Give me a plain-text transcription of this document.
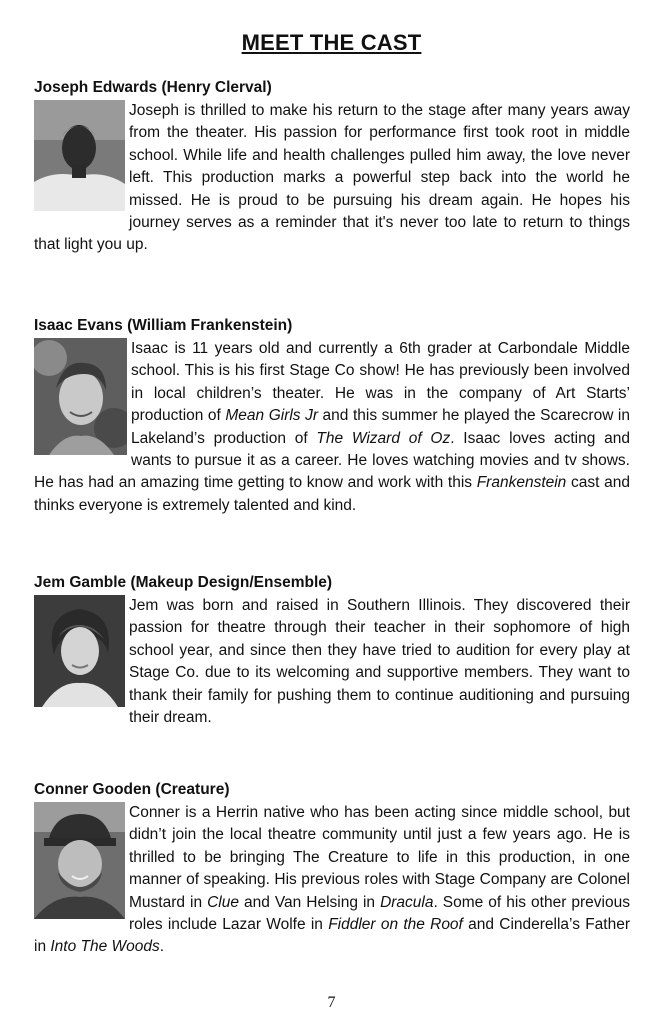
MEET THE CAST
Joseph Edwards (Henry Clerval)

Joseph is thrilled to make his return to the stage after many years away from the theater. His passion for performance first took root in middle school. While life and health challenges pulled him away, the love never left. This production marks a powerful step back into the world he missed. He is proud to be pursuing his dream again. He hopes his journey serves as a reminder that it's never too late to return to things that light you up.

Isaac Evans (William Frankenstein)

Isaac is 11 years old and currently a 6th grader at Carbondale Middle school. This is his first Stage Co show! He has previously been involved in local children’s theater. He was in the company of Art Starts’ production of Mean Girls Jr and this summer he played the Scarecrow in Lakeland’s production of The Wizard of Oz. Isaac loves acting and wants to pursue it as a career. He loves watching movies and tv shows. He has had an amazing time getting to know and work with this Frankenstein cast and thinks everyone is extremely talented and kind.

Jem Gamble (Makeup Design/Ensemble)

Jem was born and raised in Southern Illinois. They discovered their passion for theatre through their teacher in their sophomore of high school year, and since then they have tried to audition for every play at Stage Co. due to its welcoming and supportive members. They want to thank their family for pushing them to continue auditioning and pursuing their dream.

Conner Gooden (Creature)

Conner is a Herrin native who has been acting since middle school, but didn’t join the local theatre community until just a few years ago. He is thrilled to be bringing The Creature to life in this production, in one manner of speaking. His previous roles with Stage Company are Colonel Mustard in Clue and Van Helsing in Dracula. Some of his other previous roles include Lazar Wolfe in Fiddler on the Roof and Cinderella’s Father in Into The Woods.

7
